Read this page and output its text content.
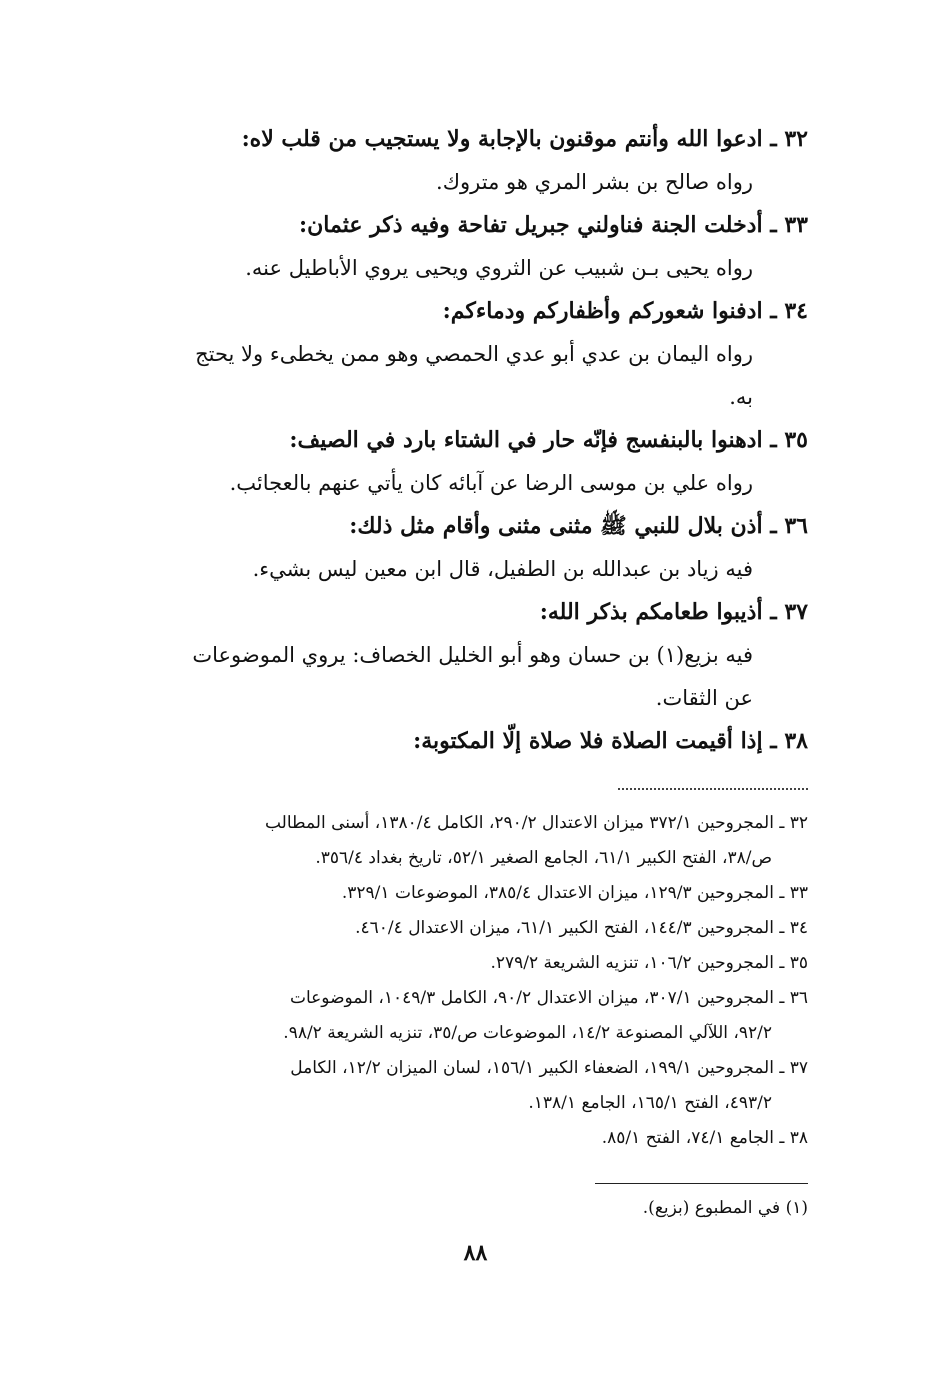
٣٢ ـ ادعوا الله وأنتم موقنون بالإجابة ولا يستجيب من قلب لاه:
رواه صالح بن بشر المري هو متروك.
٣٣ ـ أدخلت الجنة فناولني جبريل تفاحة وفيه ذكر عثمان:
رواه يحيى بـن شبيب عن الثروي ويحيى يروي الأباطيل عنه.
٣٤ ـ ادفنوا شعوركم وأظفاركم ودماءكم:
رواه اليمان بن عدي أبو عدي الحمصي وهو ممن يخطىء ولا يحتج
به.
٣٥ ـ ادهنوا بالبنفسج فإنّه حار في الشتاء بارد في الصيف:
رواه علي بن موسى الرضا عن آبائه كان يأتي عنهم بالعجائب.
٣٦ ـ أذن بلال للنبي ﷺ مثنى مثنى وأقام مثل ذلك:
فيه زياد بن عبدالله بن الطفيل، قال ابن معين ليس بشيء.
٣٧ ـ أذيبوا طعامكم بذكر الله:
فيه بزيع(١) بن حسان وهو أبو الخليل الخصاف: يروي الموضوعات
عن الثقات.
٣٨ ـ إذا أقيمت الصلاة فلا صلاة إلّا المكتوبة:
٣٢ ـ المجروحين ٣٧٢/١ ميزان الاعتدال ٢٩٠/٢، الكامل ١٣٨٠/٤، أسنى المطالب
ص/٣٨، الفتح الكبير ٦١/١، الجامع الصغير ٥٢/١، تاريخ بغداد ٣٥٦/٤.
٣٣ ـ المجروحين ١٢٩/٣، ميزان الاعتدال ٣٨٥/٤، الموضوعات ٣٢٩/١.
٣٤ ـ المجروحين ١٤٤/٣، الفتح الكبير ٦١/١، ميزان الاعتدال ٤٦٠/٤.
٣٥ ـ المجروحين ١٠٦/٢، تنزيه الشريعة ٢٧٩/٢.
٣٦ ـ المجروحين ٣٠٧/١، ميزان الاعتدال ٩٠/٢، الكامل ١٠٤٩/٣، الموضوعات
٩٢/٢، اللآلي المصنوعة ١٤/٢، الموضوعات ص/٣٥، تنزيه الشريعة ٩٨/٢.
٣٧ ـ المجروحين ١٩٩/١، الضعفاء الكبير ١٥٦/١، لسان الميزان ١٢/٢، الكامل
٤٩٣/٢، الفتح ١٦٥/١، الجامع ١٣٨/١.
٣٨ ـ الجامع ٧٤/١، الفتح ٨٥/١.
(١) في المطبوع (بزيع).
٨٨
